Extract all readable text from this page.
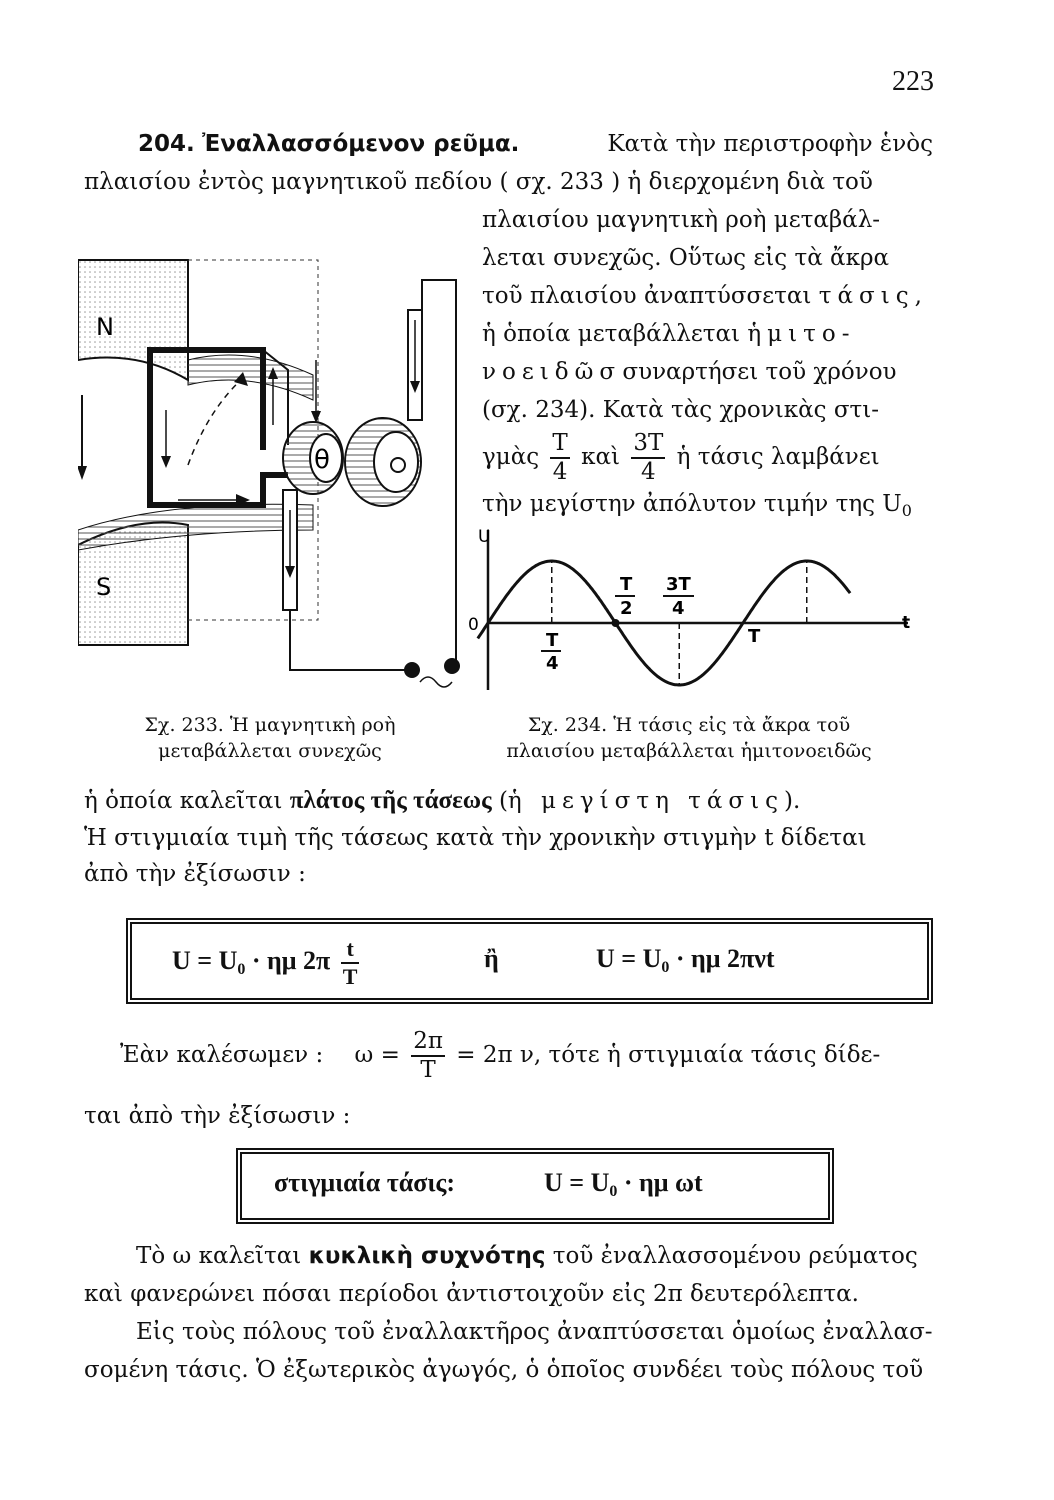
223
204. Ἐναλλασσόμενον ρεῦμα.	Κατὰ τὴν περιστροφὴν ἑνὸς
πλαισίου ἐντὸς μαγνητικοῦ πεδίου ( σχ. 233 ) ἡ διερχομένη διὰ τοῦ
πλαισίου μαγνητικὴ ροὴ μεταβάλ-
λεται συνεχῶς. Οὕτως εἰς τὰ ἄκρα
τοῦ πλαισίου ἀναπτύσσεται τάσις,
ἡ ὁποία μεταβάλλεται ἡμιτο-
νοειδῶσ συναρτήσει τοῦ χρόνου
(σχ. 234). Κατὰ τὰς χρονικὰς στι-
γμὰς $\frac{T}{4}$ καὶ $\frac{3T}{4}$ ἡ τάσις λαμβάνει
τὴν μεγίστην ἀπόλυτον τιμήν της $U_0$
N
S
θ
U
t
0
T
2
3T
4
T
4
T
Σχ. 233. Ἡ μαγνητικὴ ροὴ
μεταβάλλεται συνεχῶς
Σχ. 234. Ἡ τάσις εἰς τὰ ἄκρα τοῦ
πλαισίου μεταβάλλεται ἡμιτονοειδῶς
ἡ ὁποία καλεῖται πλάτος τῆς τάσεως (ἡ μεγίστη τάσις).
Ἡ στιγμιαία τιμὴ τῆς τάσεως κατὰ τὴν χρονικὴν στιγμὴν t δίδεται
ἀπὸ τὴν ἐξίσωσιν :
$U = U_0 \cdot \eta\mu$ $2\pi \frac{t}{T}$	ἢ	$U = U_0 \cdot \eta\mu$ 2πνt
Ἐὰν καλέσωμεν : $\omega = \frac{2\pi}{T} = 2\pi$ ν, τότε ἡ στιγμιαία τάσις δίδε-
ται ἀπὸ τὴν ἐξίσωσιν :
στιγμιαία τάσις:	$U = U_0 \cdot \eta\mu$ ωt
Τὸ ω καλεῖται κυκλικὴ συχνότης τοῦ ἐναλλασσομένου ρεύματος
καὶ φανερώνει πόσαι περίοδοι ἀντιστοιχοῦν εἰς 2π δευτερόλεπτα.
Εἰς τοὺς πόλους τοῦ ἐναλλακτῆρος ἀναπτύσσεται ὁμοίως ἐναλλασ-
σομένη τάσις. Ὁ ἐξωτερικὸς ἀγωγός, ὁ ὁποῖος συνδέει τοὺς πόλους τοῦ
